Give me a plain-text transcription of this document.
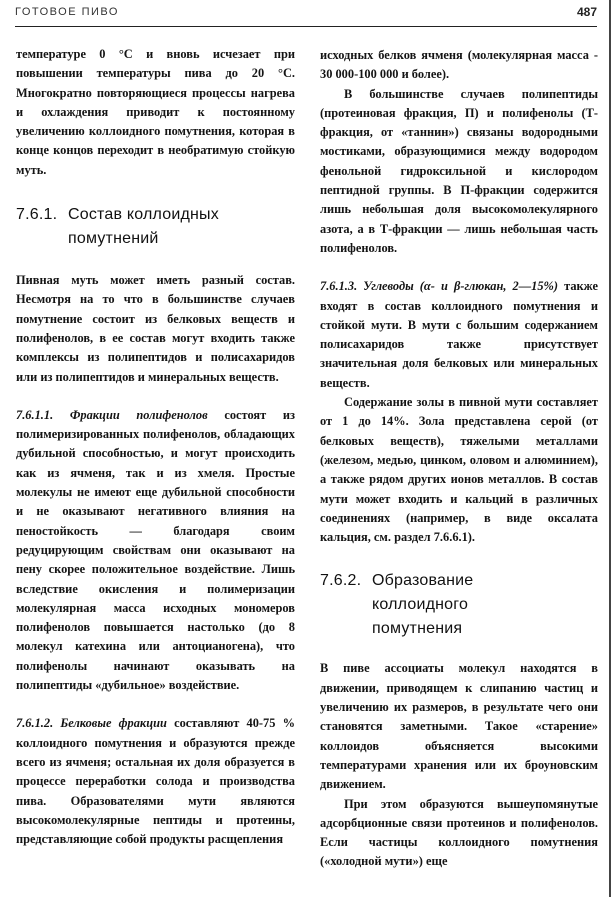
ГОТОВОЕ ПИВО	487

температуре 0 °С и вновь исчезает при повышении температуры пива до 20 °С. Многократно повторяющиеся процессы нагрева и охлаждения приводит к постоянному увеличению коллоидного помутнения, которая в конце концов переходит в необратимую стойкую муть.

7.6.1. Состав коллоидных
помутнений

Пивная муть может иметь разный состав. Несмотря на то что в большинстве случаев помутнение состоит из белковых веществ и полифенолов, в ее состав могут входить также комплексы из полипептидов и полисахаридов или из полипептидов и минеральных веществ.

7.6.1.1. Фракции полифенолов состоят из полимеризированных полифенолов, обладающих дубильной способностью, и могут происходить как из ячменя, так и из хмеля. Простые молекулы не имеют еще дубильной способности и не оказывают негативного влияния на пеностойкость — благодаря своим редуцирующим свойствам они оказывают на пену скорее положительное воздействие. Лишь вследствие окисления и полимеризации молекулярная масса исходных мономеров полифенолов повышается настолько (до 8 молекул катехина или антоцианогена), что полифенолы начинают оказывать на полипептиды «дубильное» воздействие.

7.6.1.2. Белковые фракции составляют 40-75 % коллоидного помутнения и образуются прежде всего из ячменя; остальная их доля образуется в процессе переработки солода и производства пива. Образователями мути являются высокомолекулярные пептиды и протеины, представляющие собой продукты расщепления

исходных белков ячменя (молекулярная масса - 30 000-100 000 и более).

В большинстве случаев полипептиды (протеиновая фракция, П) и полифенолы (Т-фракция, от «таннин») связаны водородными мостиками, образующимися между водородом фенольной гидроксильной и кислородом пептидной группы. В П-фракции содержится лишь небольшая доля высокомолекулярного азота, а в Т-фракции — лишь небольшая часть полифенолов.

7.6.1.3. Углеводы (α- и β-глюкан, 2—15%) также входят в состав коллоидного помутнения и стойкой мути. В мути с большим содержанием полисахаридов также присутствует значительная доля белковых или минеральных веществ.

Содержание золы в пивной мути составляет от 1 до 14%. Зола представлена серой (от белковых веществ), тяжелыми металлами (железом, медью, цинком, оловом и алюминием), а также рядом других ионов металлов. В состав мути может входить и кальций в различных соединениях (например, в виде оксалата кальция, см. раздел 7.6.6.1).

7.6.2. Образование
коллоидного
помутнения

В пиве ассоциаты молекул находятся в движении, приводящем к слипанию частиц и увеличению их размеров, в результате чего они становятся заметными. Такое «старение» коллоидов объясняется высокими температурами хранения или их броуновским движением.

При этом образуются вышеупомянутые адсорбционные связи протеинов и полифенолов. Если частицы коллоидного помутнения («холодной мути») еще
